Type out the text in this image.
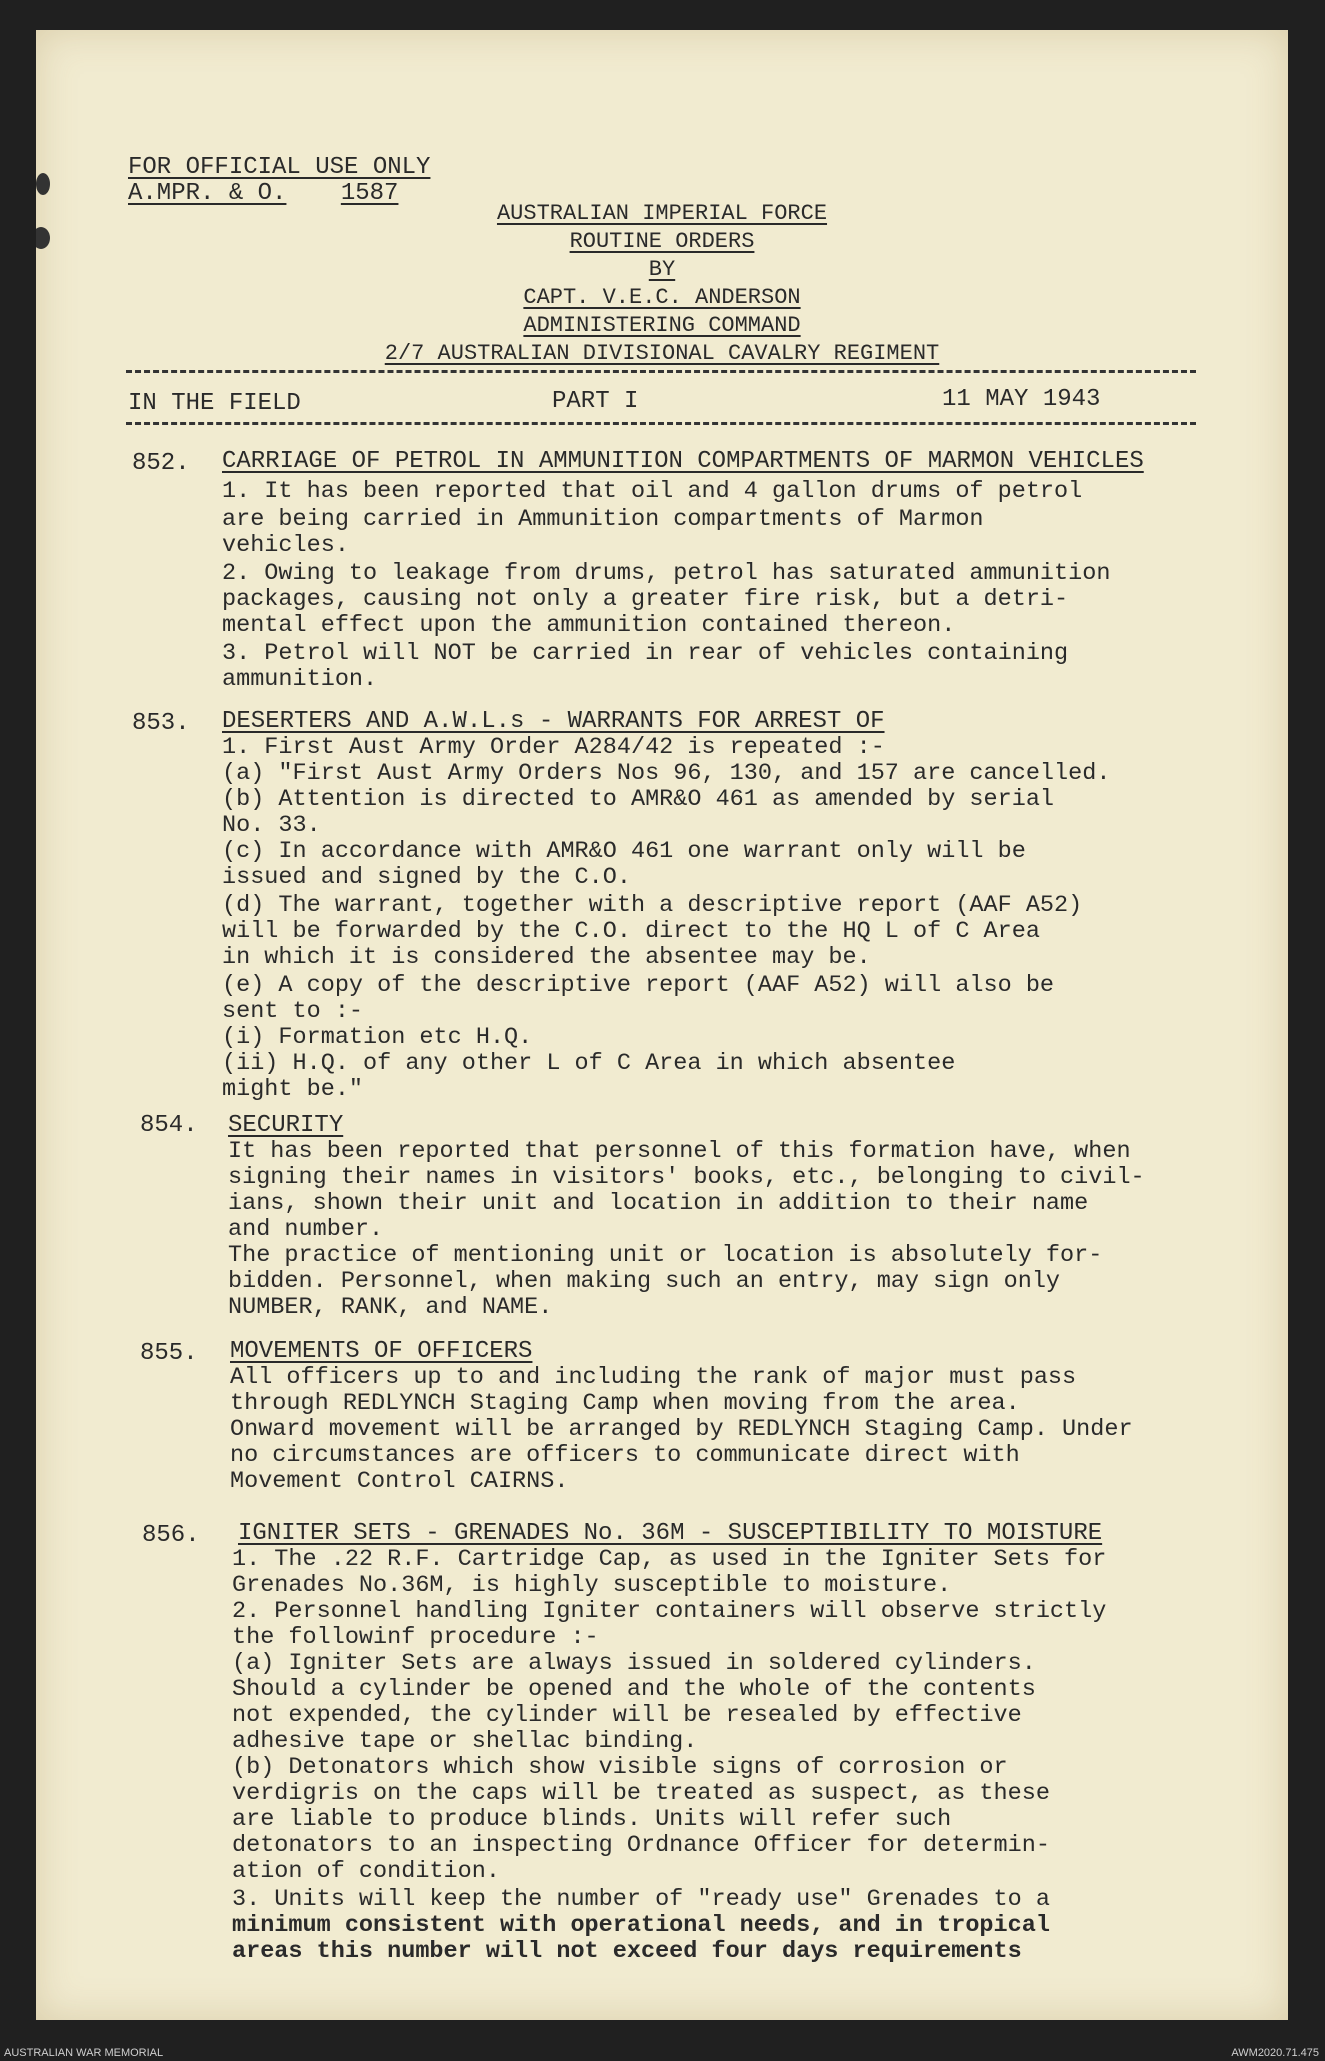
FOR OFFICIAL USE ONLY
A.MPR. & O. 1587
AUSTRALIAN IMPERIAL FORCE
ROUTINE ORDERS
BY
CAPT. V.E.C. ANDERSON
ADMINISTERING COMMAND
2/7 AUSTRALIAN DIVISIONAL CAVALRY REGIMENT
IN THE FIELD	PART I	11 MAY 1943
852. CARRIAGE OF PETROL IN AMMUNITION COMPARTMENTS OF MARMON VEHICLES
1. It has been reported that oil and 4 gallon drums of petrol
are being carried in Ammunition compartments of Marmon
vehicles.
2. Owing to leakage from drums, petrol has saturated ammunition
packages, causing not only a greater fire risk, but a detri-
mental effect upon the ammunition contained thereon.
3. Petrol will NOT be carried in rear of vehicles containing
ammunition.
853. DESERTERS AND A.W.L.s - WARRANTS FOR ARREST OF
1. First Aust Army Order A284/42 is repeated :-
(a) "First Aust Army Orders Nos 96, 130, and 157 are cancelled.
(b) Attention is directed to AMR&O 461 as amended by serial
No. 33.
(c) In accordance with AMR&O 461 one warrant only will be
issued and signed by the C.O.
(d) The warrant, together with a descriptive report (AAF A52)
will be forwarded by the C.O. direct to the HQ L of C Area
in which it is considered the absentee may be.
(e) A copy of the descriptive report (AAF A52) will also be
sent to :-
(i) Formation etc H.Q.
(ii) H.Q. of any other L of C Area in which absentee
might be."
854. SECURITY
It has been reported that personnel of this formation have, when
signing their names in visitors' books, etc., belonging to civil-
ians, shown their unit and location in addition to their name
and number.
The practice of mentioning unit or location is absolutely for-
bidden. Personnel, when making such an entry, may sign only
NUMBER, RANK, and NAME.
855. MOVEMENTS OF OFFICERS
All officers up to and including the rank of major must pass
through REDLYNCH Staging Camp when moving from the area.
Onward movement will be arranged by REDLYNCH Staging Camp. Under
no circumstances are officers to communicate direct with
Movement Control CAIRNS.
856. IGNITER SETS - GRENADES No. 36M - SUSCEPTIBILITY TO MOISTURE
1. The .22 R.F. Cartridge Cap, as used in the Igniter Sets for
Grenades No.36M, is highly susceptible to moisture.
2. Personnel handling Igniter containers will observe strictly
the followinf procedure :-
(a) Igniter Sets are always issued in soldered cylinders.
Should a cylinder be opened and the whole of the contents
not expended, the cylinder will be resealed by effective
adhesive tape or shellac binding.
(b) Detonators which show visible signs of corrosion or
verdigris on the caps will be treated as suspect, as these
are liable to produce blinds. Units will refer such
detonators to an inspecting Ordnance Officer for determin-
ation of condition.
3. Units will keep the number of "ready use" Grenades to a
minimum consistent with operational needs, and in tropical
areas this number will not exceed four days requirements
AUSTRALIAN WAR MEMORIAL	AWM2020.71.475
